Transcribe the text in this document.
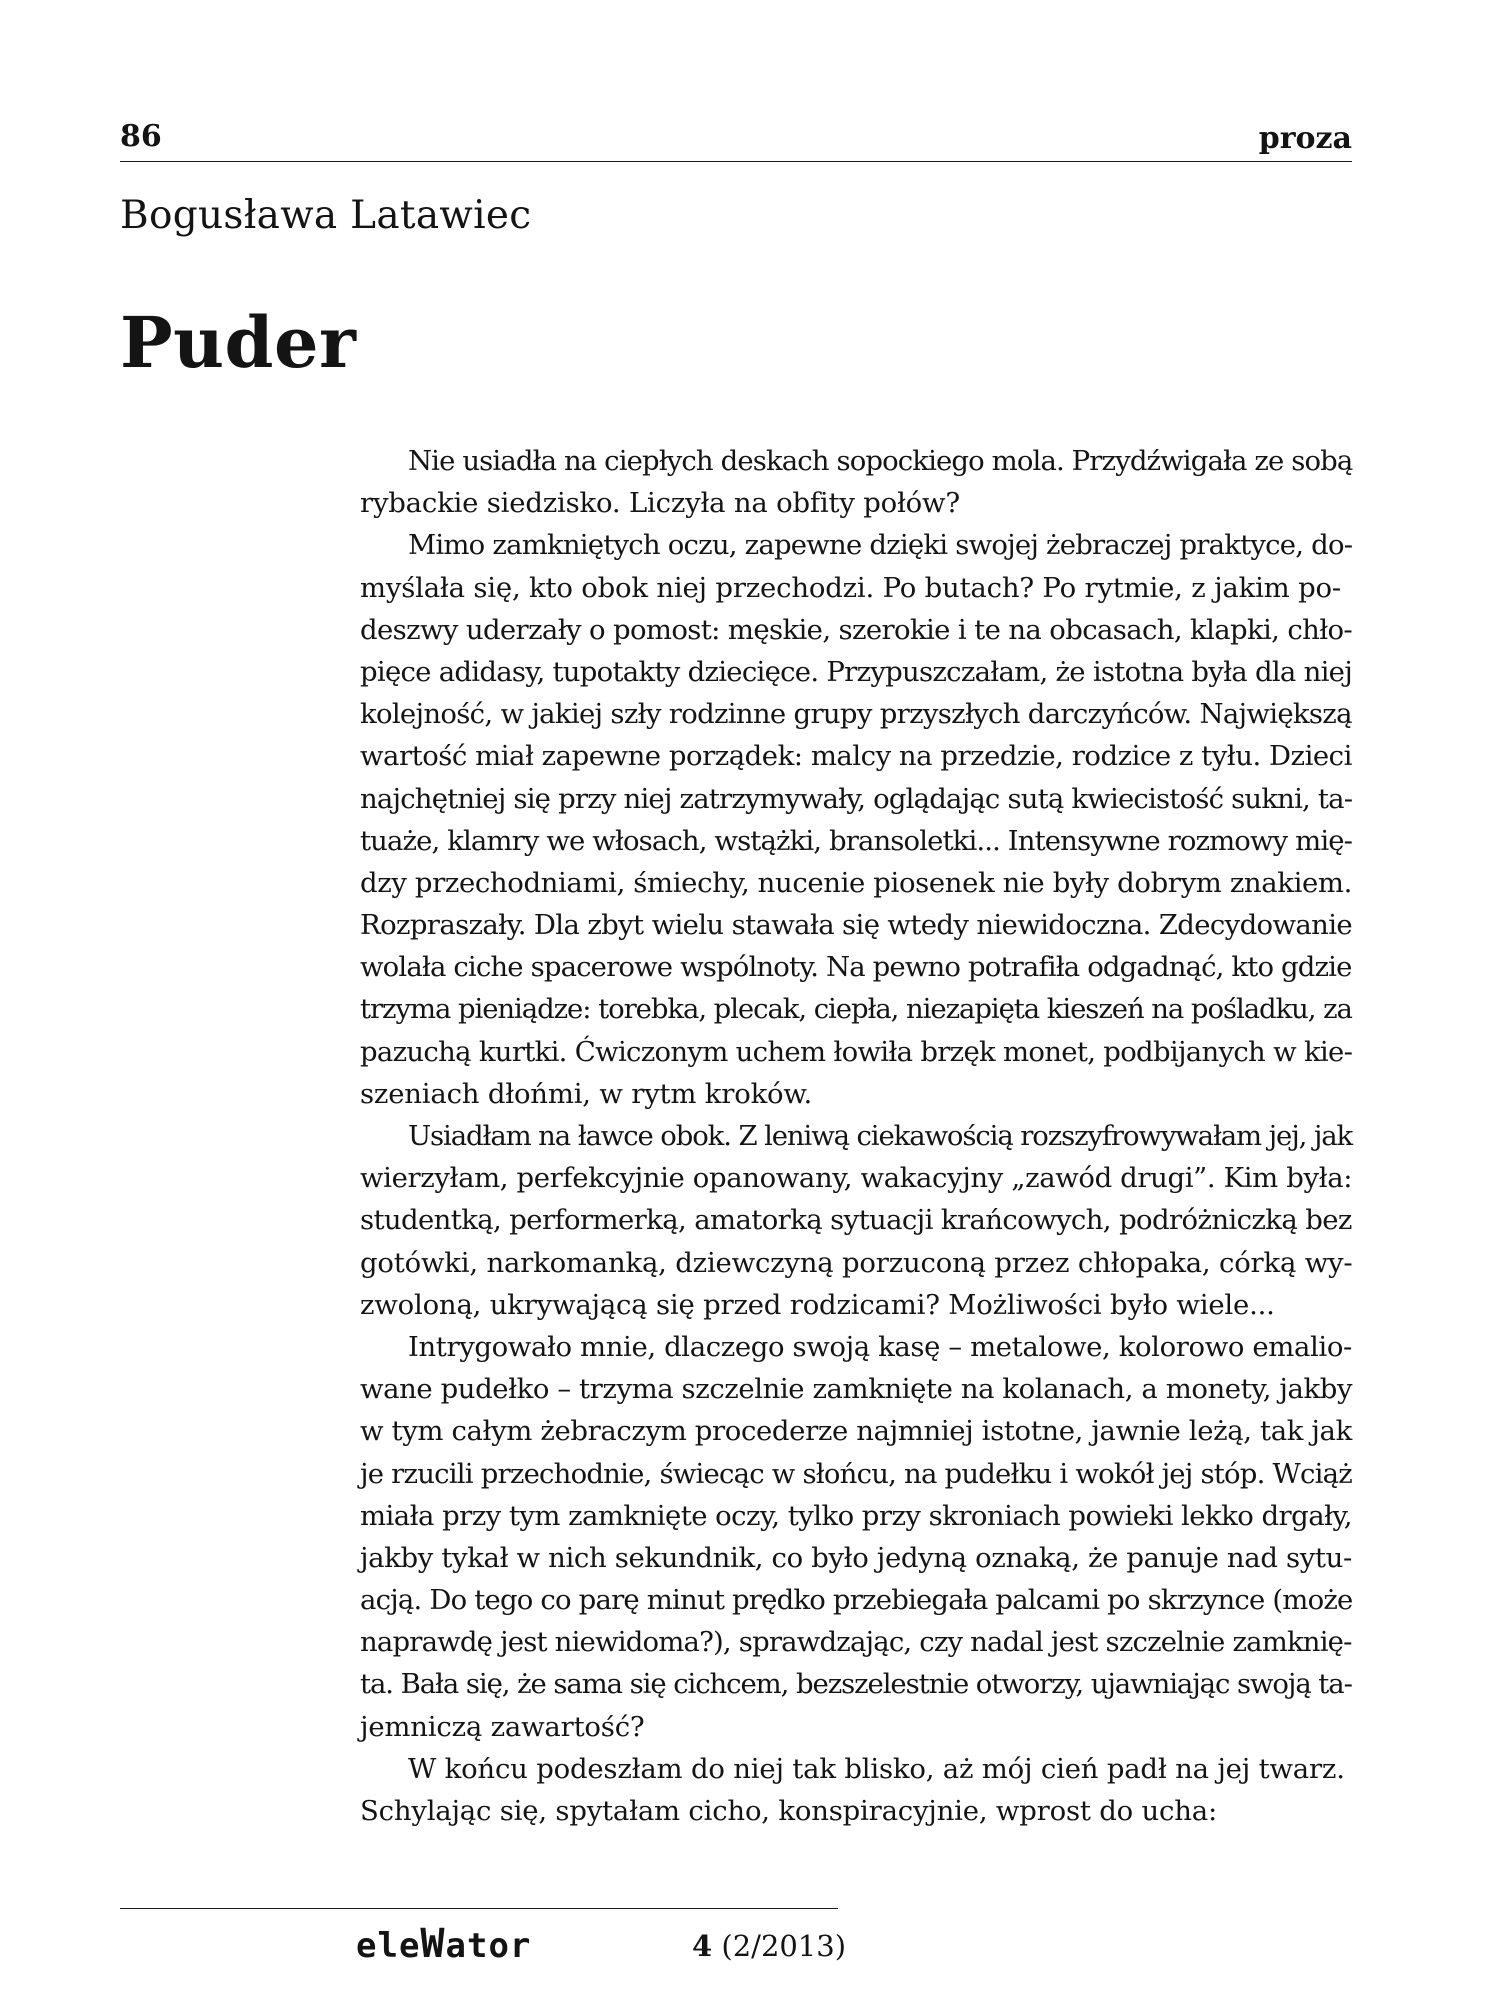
86	proza
Bogusława Latawiec
Puder

Nie usiadła na ciepłych deskach sopockiego mola. Przydźwigała ze sobą

rybackie siedzisko. Liczyła na obfity połów?

Mimo zamkniętych oczu, zapewne dzięki swojej żebraczej praktyce, do-

myślała się, kto obok niej przechodzi. Po butach? Po rytmie, z jakim po-

deszwy uderzały o pomost: męskie, szerokie i te na obcasach, klapki, chło-

pięce adidasy, tupotakty dziecięce. Przypuszczałam, że istotna była dla niej

kolejność, w jakiej szły rodzinne grupy przyszłych darczyńców. Największą

wartość miał zapewne porządek: malcy na przedzie, rodzice z tyłu. Dzieci

najchętniej się przy niej zatrzymywały, oglądając sutą kwiecistość sukni, ta-

tuaże, klamry we włosach, wstążki, bransoletki... Intensywne rozmowy mię-

dzy przechodniami, śmiechy, nucenie piosenek nie były dobrym znakiem.

Rozpraszały. Dla zbyt wielu stawała się wtedy niewidoczna. Zdecydowanie

wolała ciche spacerowe wspólnoty. Na pewno potrafiła odgadnąć, kto gdzie

trzyma pieniądze: torebka, plecak, ciepła, niezapięta kieszeń na pośladku, za

pazuchą kurtki. Ćwiczonym uchem łowiła brzęk monet, podbijanych w kie-

szeniach dłońmi, w rytm kroków.

Usiadłam na ławce obok. Z leniwą ciekawością rozszyfrowywałam jej, jak

wierzyłam, perfekcyjnie opanowany, wakacyjny „zawód drugi”. Kim była:

studentką, performerką, amatorką sytuacji krańcowych, podróżniczką bez

gotówki, narkomanką, dziewczyną porzuconą przez chłopaka, córką wy-

zwoloną, ukrywającą się przed rodzicami? Możliwości było wiele...

Intrygowało mnie, dlaczego swoją kasę – metalowe, kolorowo emalio-

wane pudełko – trzyma szczelnie zamknięte na kolanach, a monety, jakby

w tym całym żebraczym procederze najmniej istotne, jawnie leżą, tak jak

je rzucili przechodnie, świecąc w słońcu, na pudełku i wokół jej stóp. Wciąż

miała przy tym zamknięte oczy, tylko przy skroniach powieki lekko drgały,

jakby tykał w nich sekundnik, co było jedyną oznaką, że panuje nad sytu-

acją. Do tego co parę minut prędko przebiegała palcami po skrzynce (może

naprawdę jest niewidoma?), sprawdzając, czy nadal jest szczelnie zamknię-

ta. Bała się, że sama się cichcem, bezszelestnie otworzy, ujawniając swoją ta-

jemniczą zawartość?

W końcu podeszłam do niej tak blisko, aż mój cień padł na jej twarz.

Schylając się, spytałam cicho, konspiracyjnie, wprost do ucha:

eleWator	4 (2/2013)
